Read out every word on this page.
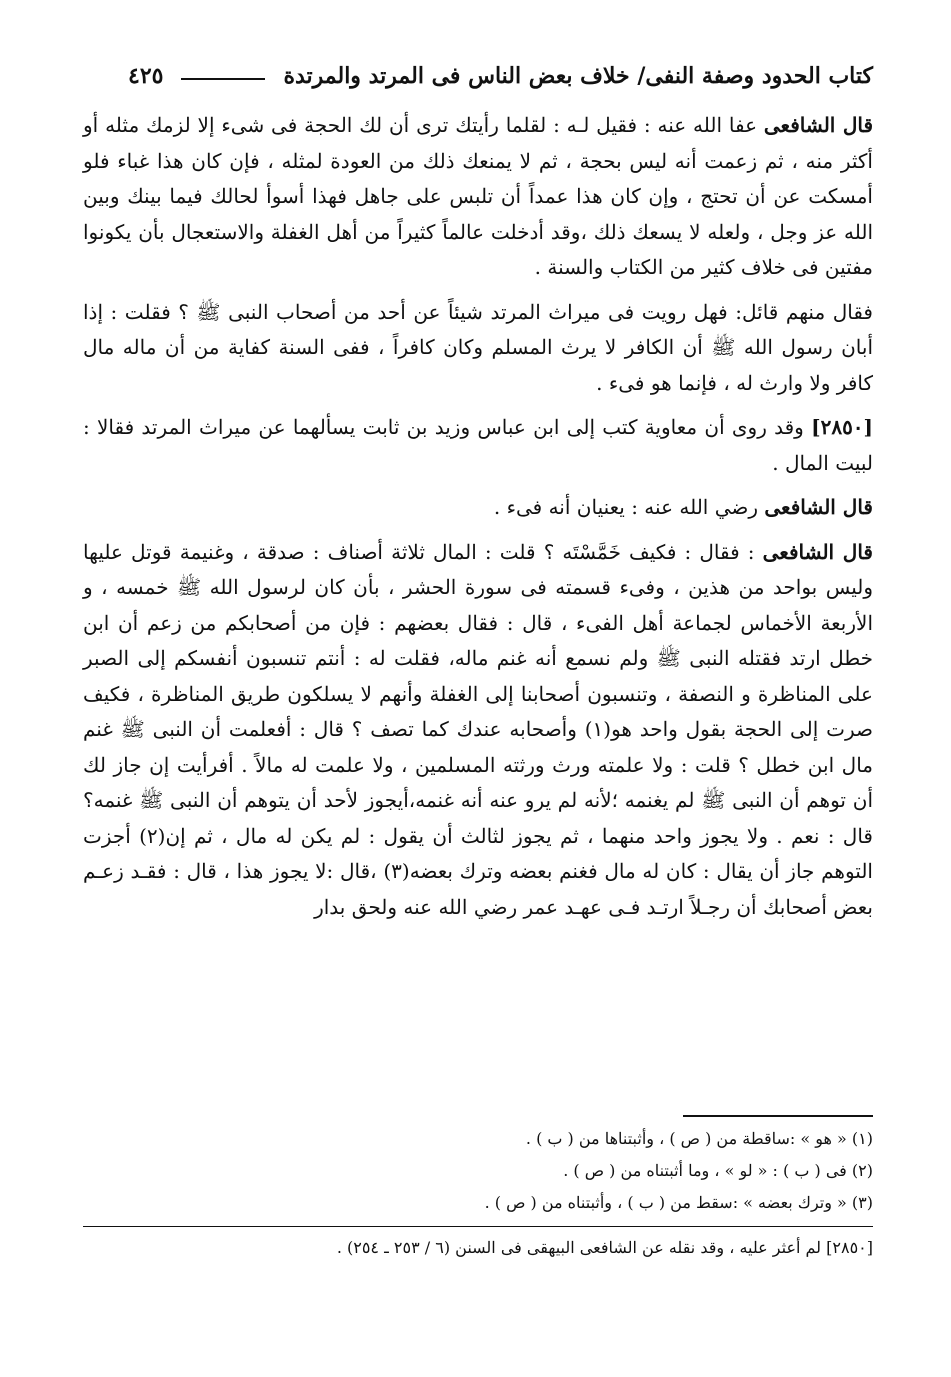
كتاب الحدود وصفة النفى/ خلاف بعض الناس فى المرتد والمرتدة
٤٢٥

قال الشافعى عفا الله عنه : فقيل لـه : لقلما رأيتك ترى أن لك الحجة فى شىء إلا لزمك مثله أو أكثر منه ، ثم زعمت أنه ليس بحجة ، ثم لا يمنعك ذلك من العودة لمثله ، فإن كان هذا غباء فلو أمسكت عن أن تحتج ، وإن كان هذا عمداً أن تلبس على جاهل فهذا أسوأ لحالك فيما بينك وبين الله عز وجل ، ولعله لا يسعك ذلك ،وقد أدخلت عالماً كثيراً من أهل الغفلة والاستعجال بأن يكونوا مفتين فى خلاف كثير من الكتاب والسنة .

فقال منهم قائل: فهل رويت فى ميراث المرتد شيئاً عن أحد من أصحاب النبى ﷺ ؟ فقلت : إذا أبان رسول الله ﷺ أن الكافر لا يرث المسلم وكان كافراً ، ففى السنة كفاية من أن ماله مال كافر ولا وارث له ، فإنما هو فىء .

[٢٨٥٠] وقد روى أن معاوية كتب إلى ابن عباس وزيد بن ثابت يسألهما عن ميراث المرتد فقالا : لبيت المال .

قال الشافعى رضي الله عنه : يعنيان أنه فىء .

قال الشافعى : فقال : فكيف خَمَّسْتَه ؟ قلت : المال ثلاثة أصناف : صدقة ، وغنيمة قوتل عليها وليس بواحد من هذين ، وفىء قسمته فى سورة الحشر ، بأن كان لرسول الله ﷺ خمسه ، و الأربعة الأخماس لجماعة أهل الفىء ، قال : فقال بعضهم : فإن من أصحابكم من زعم أن ابن خطل ارتد فقتله النبى ﷺ ولم نسمع أنه غنم ماله، فقلت له : أنتم تنسبون أنفسكم إلى الصبر على المناظرة و النصفة ، وتنسبون أصحابنا إلى الغفلة وأنهم لا يسلكون طريق المناظرة ، فكيف صرت إلى الحجة بقول واحد هو(١) وأصحابه عندك كما تصف ؟ قال : أفعلمت أن النبى ﷺ غنم مال ابن خطل ؟ قلت : ولا علمته ورث ورثته المسلمين ، ولا علمت له مالاً . أفرأيت إن جاز لك أن توهم أن النبى ﷺ لم يغنمه ؛لأنه لم يرو عنه أنه غنمه،أيجوز لأحد أن يتوهم أن النبى ﷺ غنمه؟ قال : نعم . ولا يجوز واحد منهما ، ثم يجوز لثالث أن يقول : لم يكن له مال ، ثم إن(٢) أجزت التوهم جاز أن يقال : كان له مال فغنم بعضه وترك بعضه(٣) ،قال :لا يجوز هذا ، قال : فقـد زعـم بعض أصحابك أن رجـلاً ارتـد فـى عهـد عمر رضي الله عنه ولحق بدار

(١) « هو » :ساقطة من ( ص ) ، وأثبتناها من ( ب ) .

(٢) فى ( ب ) : « لو » ، وما أثبتناه من ( ص ) .

(٣) « وترك بعضه » :سقط من ( ب ) ، وأثبتناه من ( ص ) .

[٢٨٥٠] لم أعثر عليه ، وقد نقله عن الشافعى البيهقى فى السنن (٦ / ٢٥٣ ـ ٢٥٤) .
